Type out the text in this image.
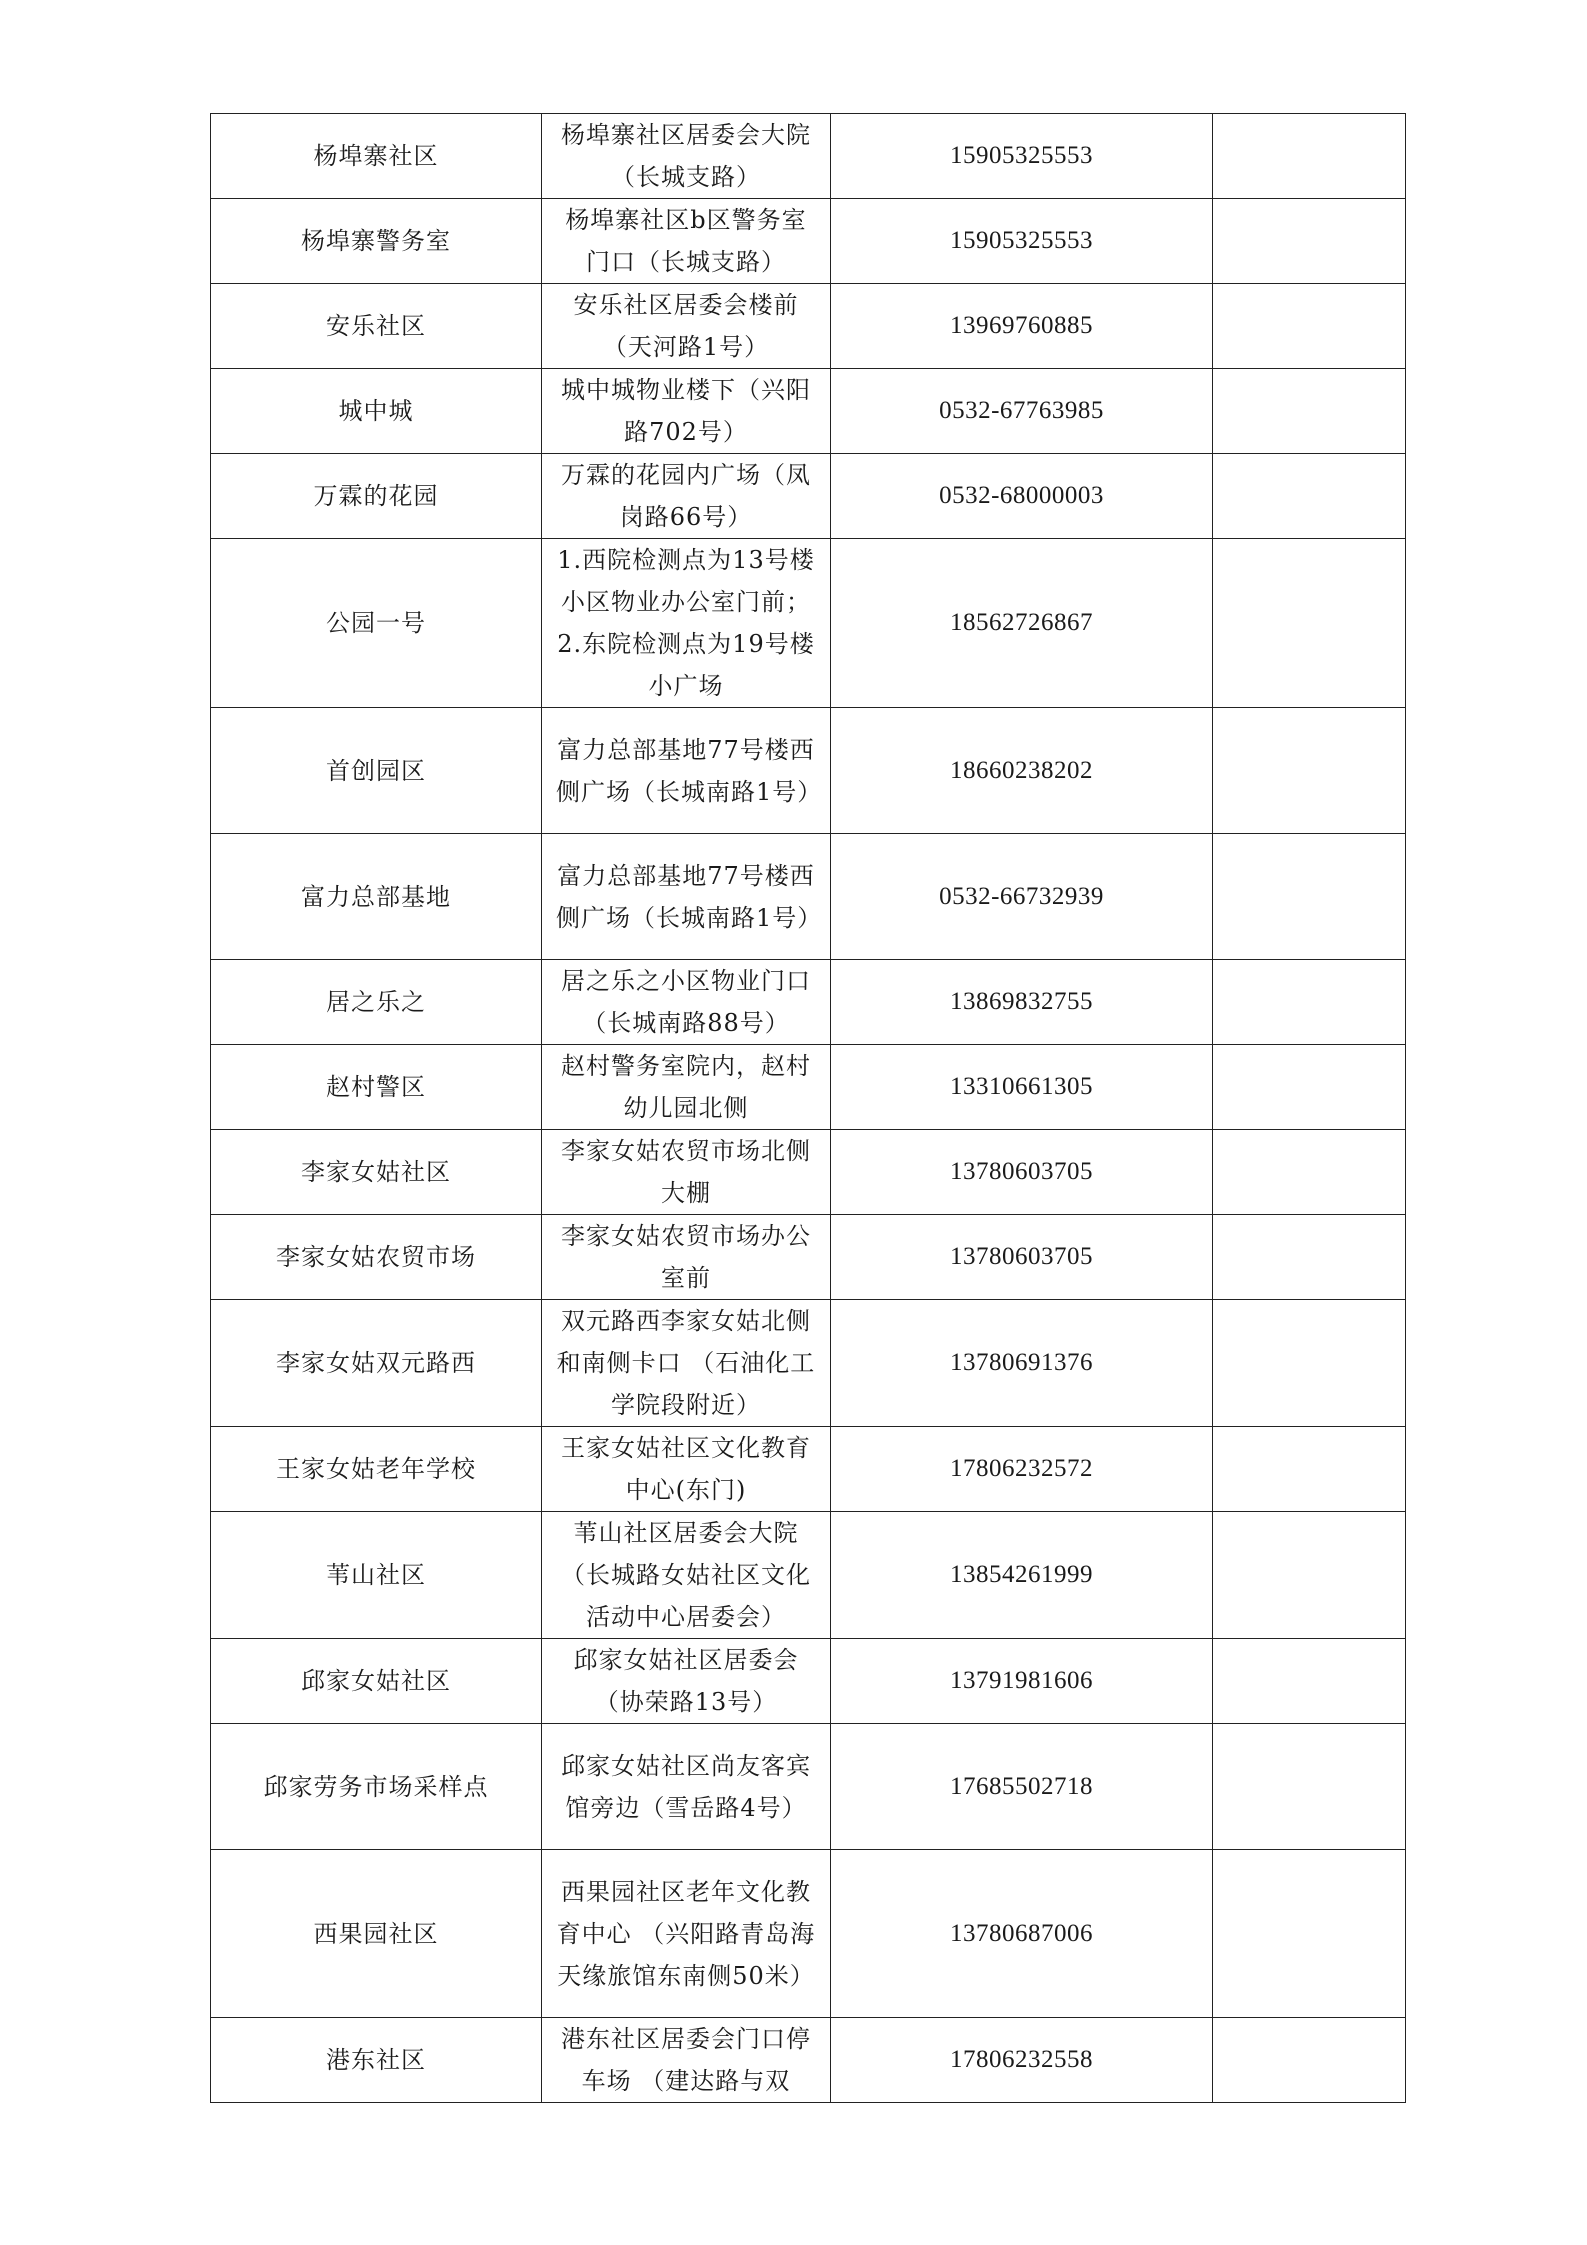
杨埠寨社区	杨埠寨社区居委会大院（长城支路）	15905325553	
杨埠寨警务室	杨埠寨社区b区警务室门口（长城支路）	15905325553	
安乐社区	安乐社区居委会楼前（天河路1号）	13969760885	
城中城	城中城物业楼下（兴阳路702号）	0532-67763985	
万霖的花园	万霖的花园内广场（凤岗路66号）	0532-68000003	
公园一号	1.西院检测点为13号楼小区物业办公室门前；2.东院检测点为19号楼小广场	18562726867	
首创园区	富力总部基地77号楼西侧广场（长城南路1号）	18660238202	
富力总部基地	富力总部基地77号楼西侧广场（长城南路1号）	0532-66732939	
居之乐之	居之乐之小区物业门口（长城南路88号）	13869832755	
赵村警区	赵村警务室院内，赵村幼儿园北侧	13310661305	
李家女姑社区	李家女姑农贸市场北侧大棚	13780603705	
李家女姑农贸市场	李家女姑农贸市场办公室前	13780603705	
李家女姑双元路西	双元路西李家女姑北侧和南侧卡口 （石油化工学院段附近）	13780691376	
王家女姑老年学校	王家女姑社区文化教育中心(东门)	17806232572	
苇山社区	苇山社区居委会大院（长城路女姑社区文化活动中心居委会）	13854261999	
邱家女姑社区	邱家女姑社区居委会（协荣路13号）	13791981606	
邱家劳务市场采样点	邱家女姑社区尚友客宾馆旁边（雪岳路4号）	17685502718	
西果园社区	西果园社区老年文化教育中心 （兴阳路青岛海天缘旅馆东南侧50米）	13780687006	
港东社区	港东社区居委会门口停车场 （建达路与双	17806232558	
